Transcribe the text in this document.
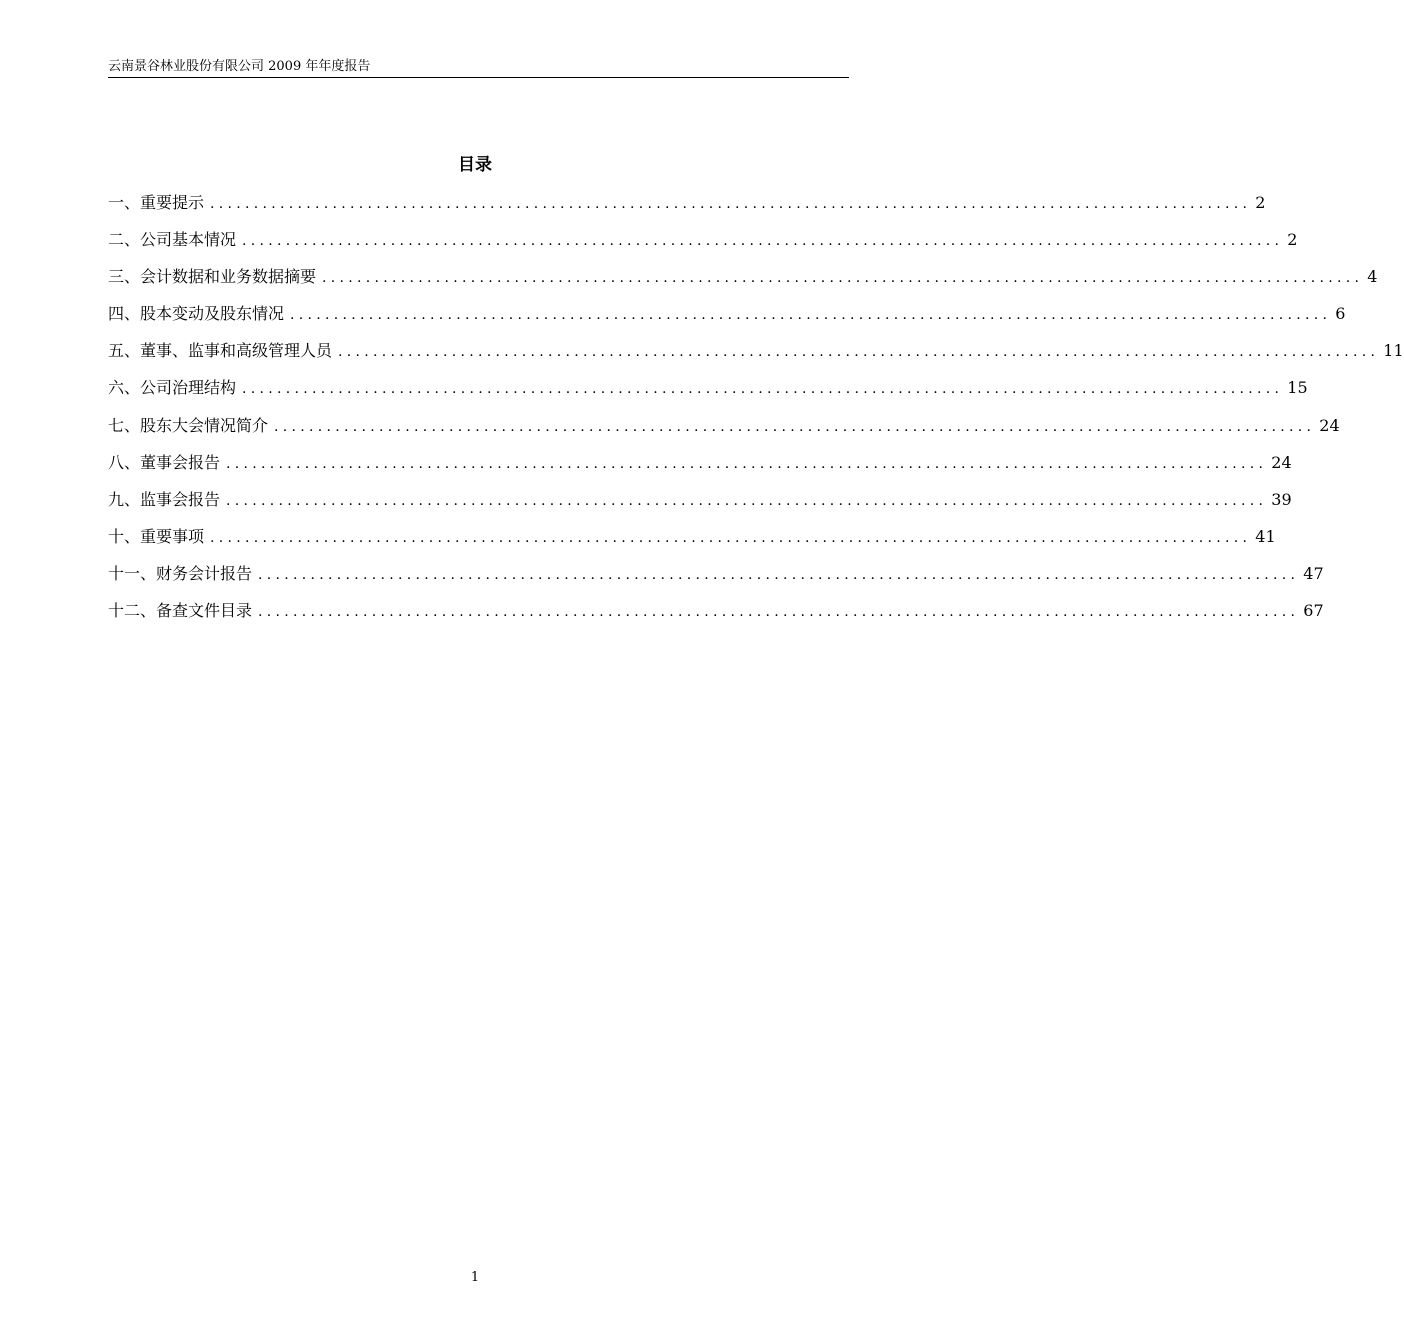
云南景谷林业股份有限公司 2009 年年度报告
目录
一、重要提示 ....................................................................................................................... 2
二、公司基本情况 ....................................................................................................................... 2
三、会计数据和业务数据摘要 ....................................................................................................................... 4
四、股本变动及股东情况 ....................................................................................................................... 6
五、董事、监事和高级管理人员 ....................................................................................................................... 11
六、公司治理结构 ....................................................................................................................... 15
七、股东大会情况简介 ....................................................................................................................... 24
八、董事会报告 ....................................................................................................................... 24
九、监事会报告 ....................................................................................................................... 39
十、重要事项 ....................................................................................................................... 41
十一、财务会计报告 ....................................................................................................................... 47
十二、备查文件目录 ....................................................................................................................... 67
1
